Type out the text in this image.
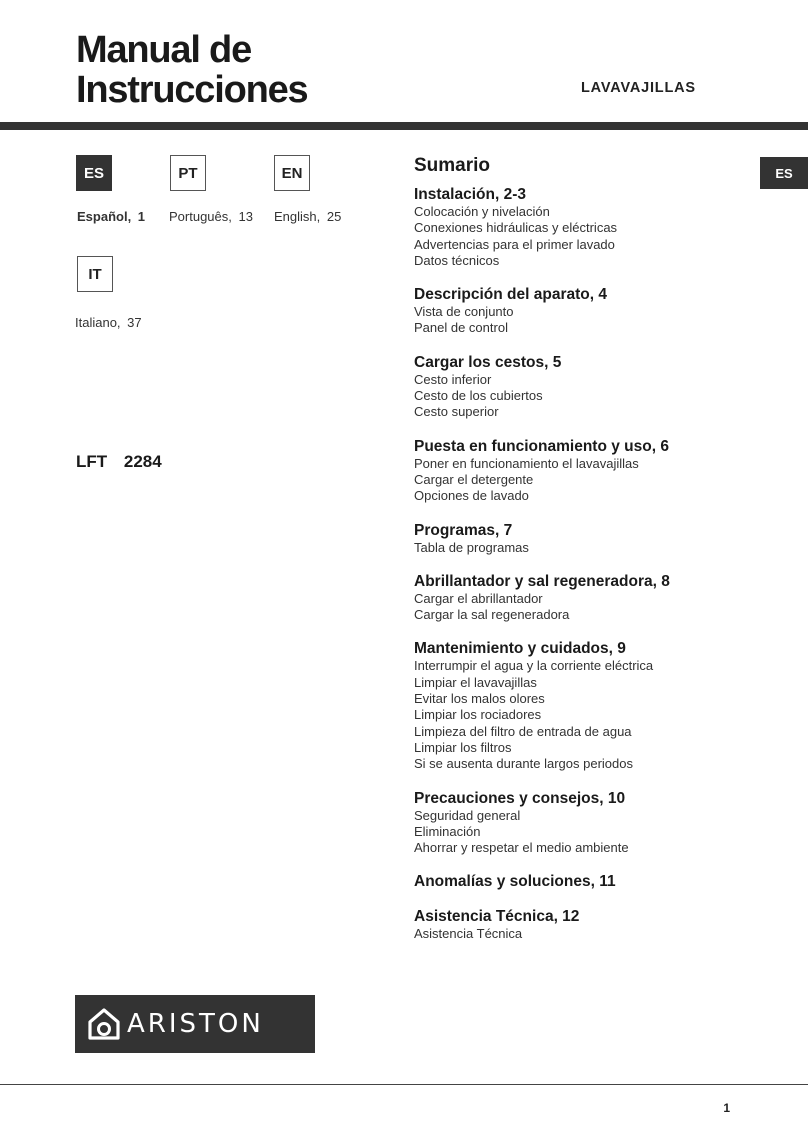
Manual de
Instrucciones	LAVAVAJILLAS
ES	PT	EN
Español, 1 Português, 13 English, 25
IT
Italiano, 37
LFT 2284
Sumario
Instalación, 2-3
Colocación y nivelación
Conexiones hidráulicas y eléctricas
Advertencias para el primer lavado
Datos técnicos
Descripción del aparato, 4
Vista de conjunto
Panel de control
Cargar los cestos, 5
Cesto inferior
Cesto de los cubiertos
Cesto superior
Puesta en funcionamiento y uso, 6
Poner en funcionamiento el lavavajillas
Cargar el detergente
Opciones de lavado
Programas, 7
Tabla de programas
Abrillantador y sal regeneradora, 8
Cargar el abrillantador
Cargar la sal regeneradora
Mantenimiento y cuidados, 9
Interrumpir el agua y la corriente eléctrica
Limpiar el lavavajillas
Evitar los malos olores
Limpiar los rociadores
Limpieza del filtro de entrada de agua
Limpiar los filtros
Si se ausenta durante largos periodos
Precauciones y consejos, 10
Seguridad general
Eliminación
Ahorrar y respetar el medio ambiente
Anomalías y soluciones, 11
Asistencia Técnica, 12
Asistencia Técnica
ES
ARISTON
1
